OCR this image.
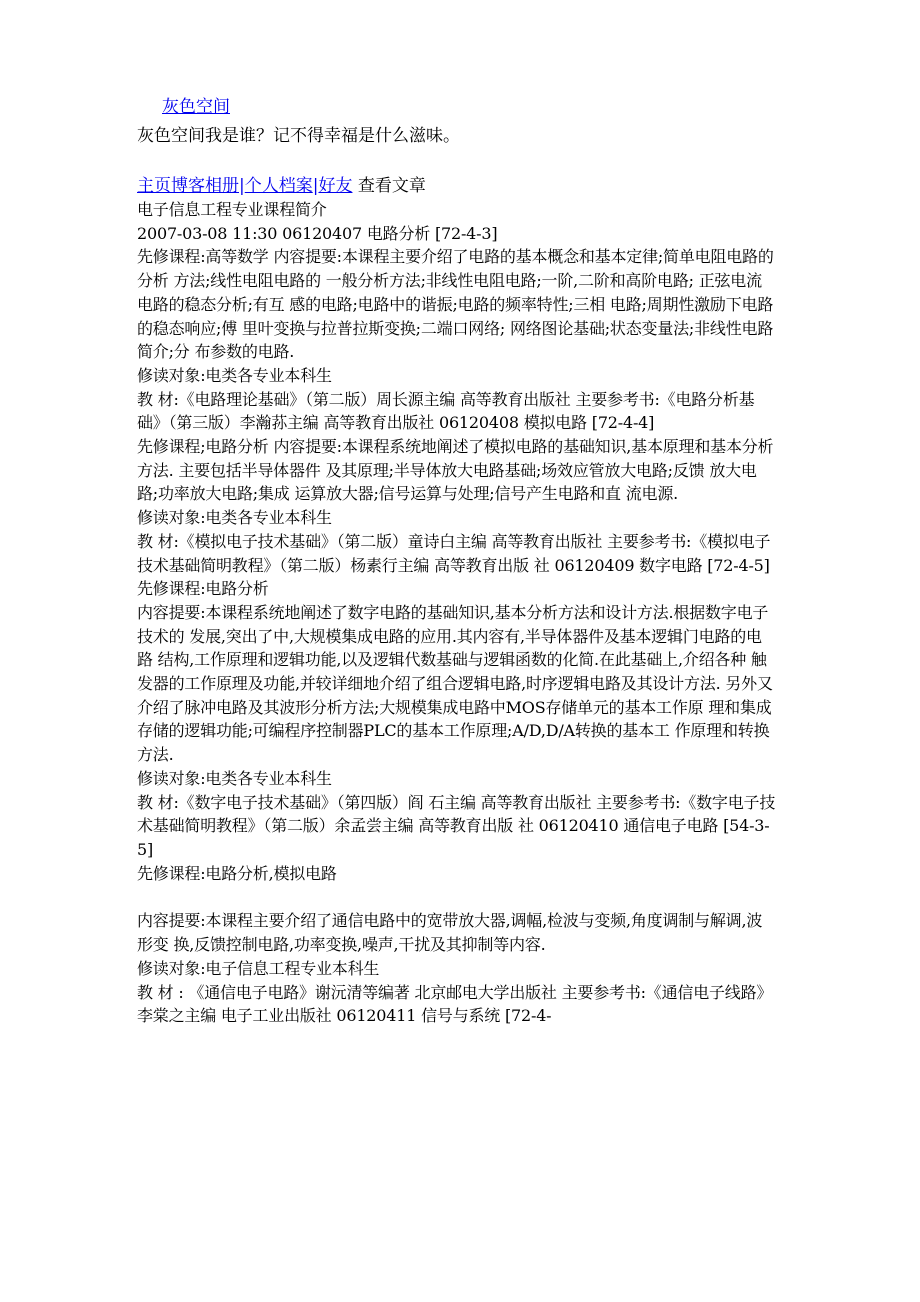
灰色空间
灰色空间我是谁？记不得幸福是什么滋味。
主页博客相册|个人档案|好友 查看文章

电子信息工程专业课程简介

2007-03-08 11:30 06120407 电路分析 [72-4-3]

先修课程:高等数学 内容提要:本课程主要介绍了电路的基本概念和基本定律;简单电阻电路的分析 方法;线性电阻电路的 一般分析方法;非线性电阻电路;一阶,二阶和高阶电路; 正弦电流电路的稳态分析;有互 感的电路;电路中的谐振;电路的频率特性;三相 电路;周期性激励下电路的稳态响应;傅 里叶变换与拉普拉斯变换;二端口网络; 网络图论基础;状态变量法;非线性电路简介;分 布参数的电路.

修读对象:电类各专业本科生

教 材:《电路理论基础》（第二版）周长源主编 高等教育出版社 主要参考书:《电路分析基础》（第三版）李瀚荪主编 高等教育出版社 06120408 模拟电路 [72-4-4]

先修课程;电路分析 内容提要:本课程系统地阐述了模拟电路的基础知识,基本原理和基本分析方法. 主要包括半导体器件 及其原理;半导体放大电路基础;场效应管放大电路;反馈 放大电路;功率放大电路;集成 运算放大器;信号运算与处理;信号产生电路和直 流电源.

修读对象:电类各专业本科生

教 材:《模拟电子技术基础》（第二版）童诗白主编 高等教育出版社 主要参考书:《模拟电子技术基础简明教程》（第二版）杨素行主编 高等教育出版 社 06120409 数字电路 [72-4-5]

先修课程:电路分析

内容提要:本课程系统地阐述了数字电路的基础知识,基本分析方法和设计方法.根据数字电子技术的 发展,突出了中,大规模集成电路的应用.其内容有,半导体器件及基本逻辑门电路的电路 结构,工作原理和逻辑功能,以及逻辑代数基础与逻辑函数的化简.在此基础上,介绍各种 触发器的工作原理及功能,并较详细地介绍了组合逻辑电路,时序逻辑电路及其设计方法. 另外又介绍了脉冲电路及其波形分析方法;大规模集成电路中MOS存储单元的基本工作原 理和集成存储的逻辑功能;可编程序控制器PLC的基本工作原理;A/D,D/A转换的基本工 作原理和转换方法.

修读对象:电类各专业本科生

教 材:《数字电子技术基础》（第四版）阎 石主编 高等教育出版社 主要参考书:《数字电子技术基础简明教程》（第二版）余孟尝主编 高等教育出版 社 06120410 通信电子电路 [54-3-5]

先修课程:电路分析,模拟电路

内容提要:本课程主要介绍了通信电路中的宽带放大器,调幅,检波与变频,角度调制与解调,波形变 换,反馈控制电路,功率变换,噪声,干扰及其抑制等内容.

修读对象:电子信息工程专业本科生

教 材 : 《通信电子电路》谢沅清等编著 北京邮电大学出版社 主要参考书:《通信电子线路》李棠之主编 电子工业出版社 06120411 信号与系统 [72-4-
